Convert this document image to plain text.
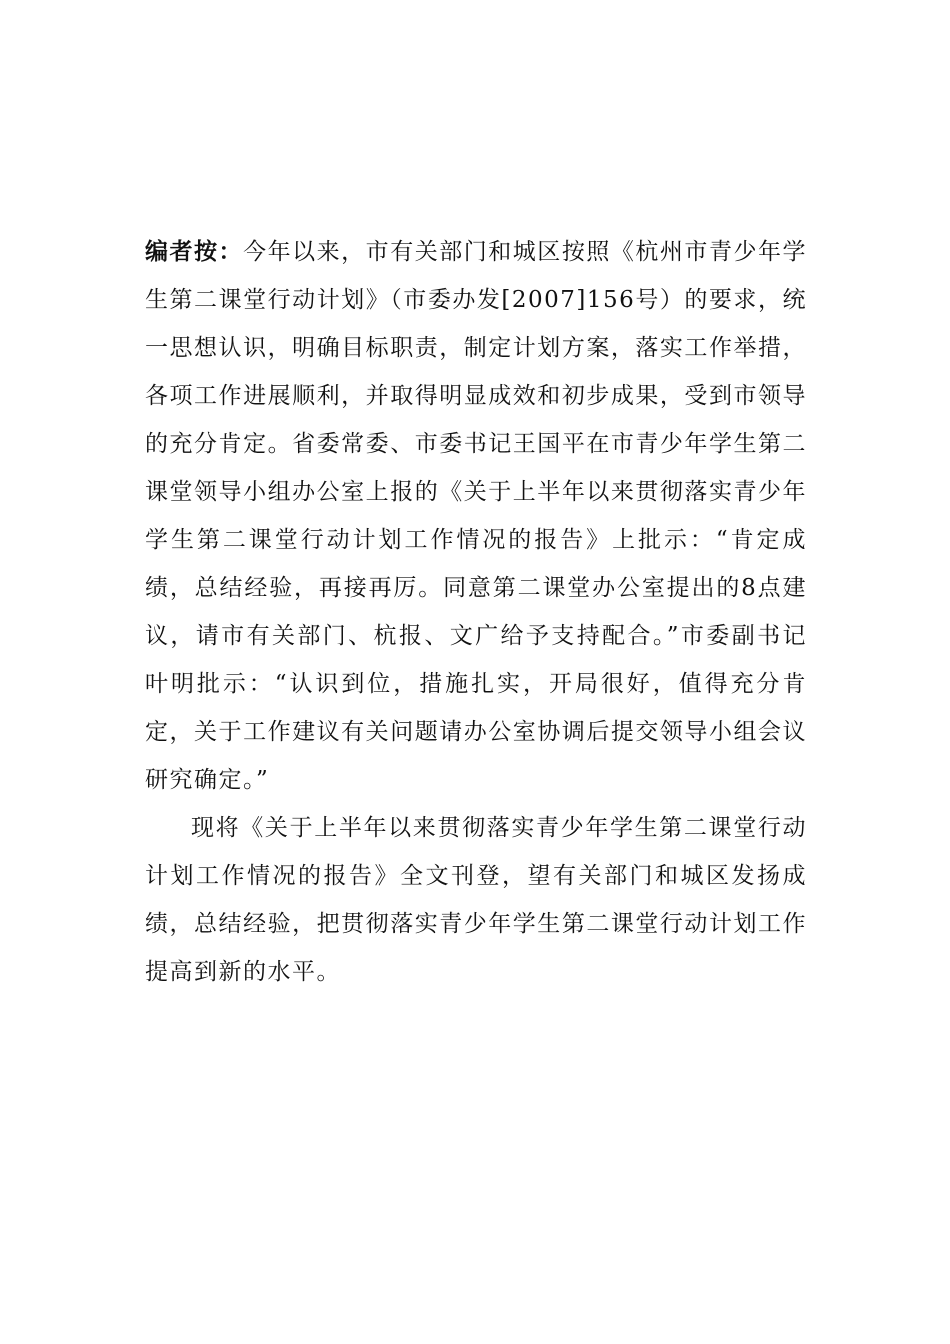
编者按：今年以来，市有关部门和城区按照《杭州市青少年学生第二课堂行动计划》（市委办发[2007]156号）的要求，统一思想认识，明确目标职责，制定计划方案，落实工作举措，各项工作进展顺利，并取得明显成效和初步成果，受到市领导的充分肯定。省委常委、市委书记王国平在市青少年学生第二课堂领导小组办公室上报的《关于上半年以来贯彻落实青少年学生第二课堂行动计划工作情况的报告》上批示：“肯定成绩，总结经验，再接再厉。同意第二课堂办公室提出的8点建议，请市有关部门、杭报、文广给予支持配合。”市委副书记叶明批示：“认识到位，措施扎实，开局很好，值得充分肯定，关于工作建议有关问题请办公室协调后提交领导小组会议研究确定。”

现将《关于上半年以来贯彻落实青少年学生第二课堂行动计划工作情况的报告》全文刊登，望有关部门和城区发扬成绩，总结经验，把贯彻落实青少年学生第二课堂行动计划工作提高到新的水平。
